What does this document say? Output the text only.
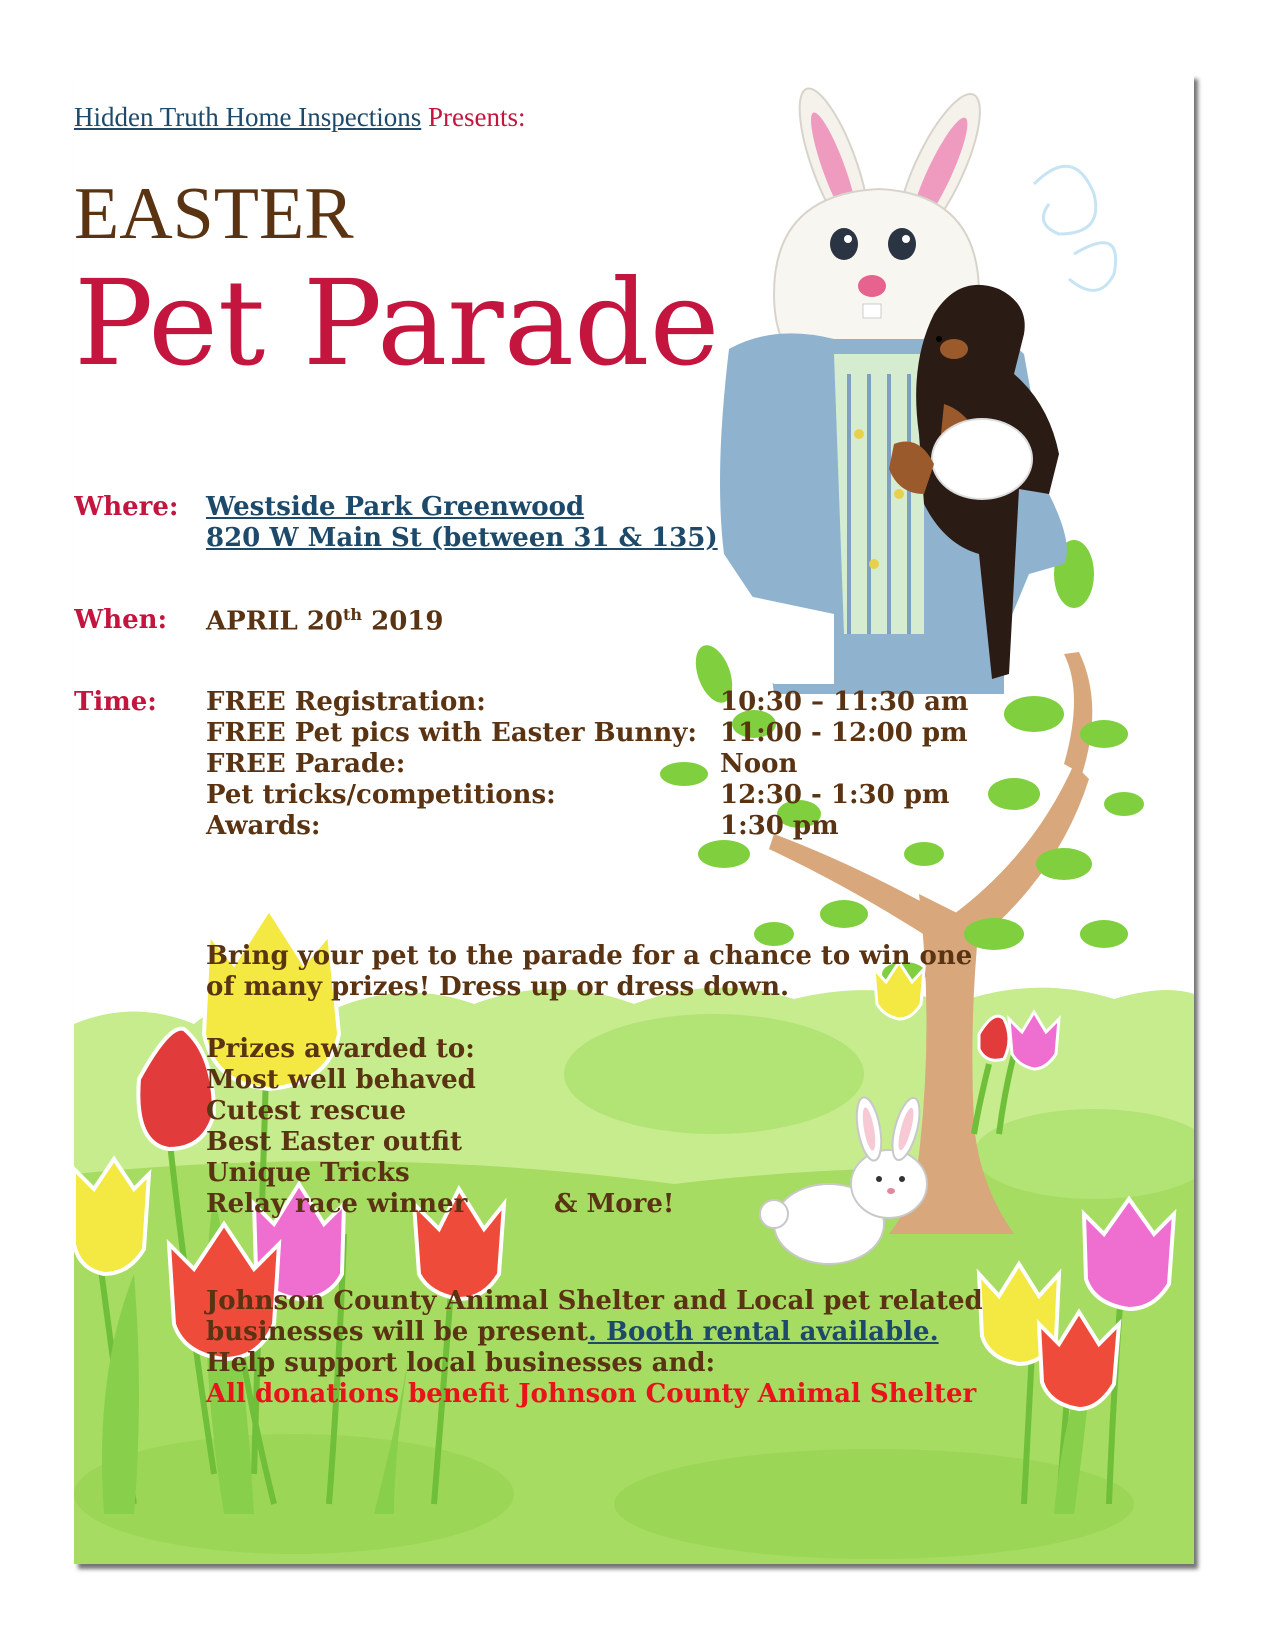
Hidden Truth Home Inspections Presents:
EASTER
Pet Parade
Where: Westside Park Greenwood
820 W Main St (between 31 & 135)
When: APRIL 20th 2019
Time: FREE Registration:	10:30 – 11:30 am
FREE Pet pics with Easter Bunny: 11:00 - 12:00 pm
FREE Parade:	Noon
Pet tricks/competitions:	12:30 - 1:30 pm
Awards:	1:30 pm
Bring your pet to the parade for a chance to win one
of many prizes! Dress up or dress down.
Prizes awarded to:
Most well behaved
Cutest rescue
Best Easter outfit
Unique Tricks
Relay race winner	& More!
Johnson County Animal Shelter and Local pet related
businesses will be present. Booth rental available.
Help support local businesses and:
All donations benefit Johnson County Animal Shelter
